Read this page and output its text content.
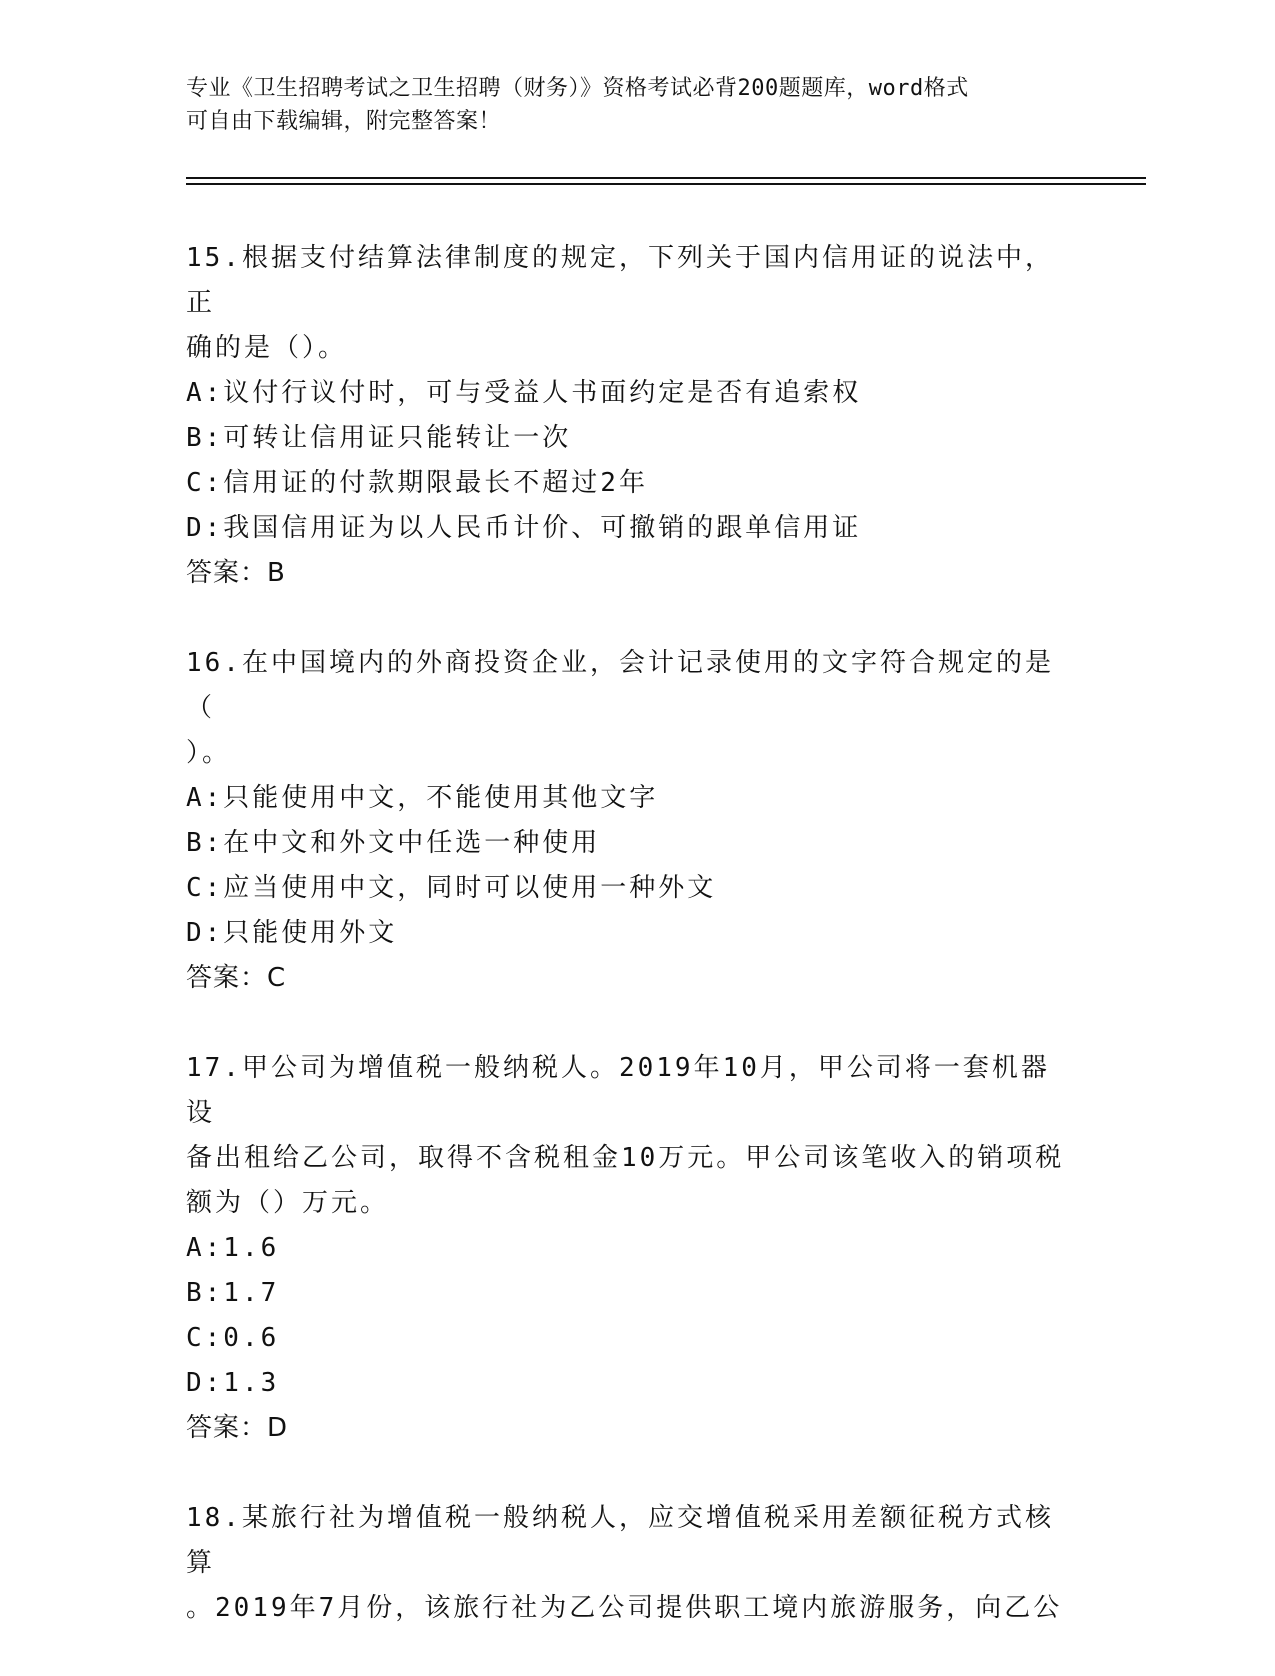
专业《卫生招聘考试之卫生招聘（财务）》资格考试必背200题题库，word格式
可自由下载编辑，附完整答案！
15.根据支付结算法律制度的规定，下列关于国内信用证的说法中，正
确的是（）。
A:议付行议付时，可与受益人书面约定是否有追索权
B:可转让信用证只能转让一次
C:信用证的付款期限最长不超过2年
D:我国信用证为以人民币计价、可撤销的跟单信用证
答案：B
16.在中国境内的外商投资企业，会计记录使用的文字符合规定的是（
）。
A:只能使用中文，不能使用其他文字
B:在中文和外文中任选一种使用
C:应当使用中文，同时可以使用一种外文
D:只能使用外文
答案：C
17.甲公司为增值税一般纳税人。2019年10月，甲公司将一套机器设
备出租给乙公司，取得不含税租金10万元。甲公司该笔收入的销项税
额为（）万元。
A:1.6
B:1.7
C:0.6
D:1.3
答案：D
18.某旅行社为增值税一般纳税人，应交增值税采用差额征税方式核算
。2019年7月份，该旅行社为乙公司提供职工境内旅游服务，向乙公
